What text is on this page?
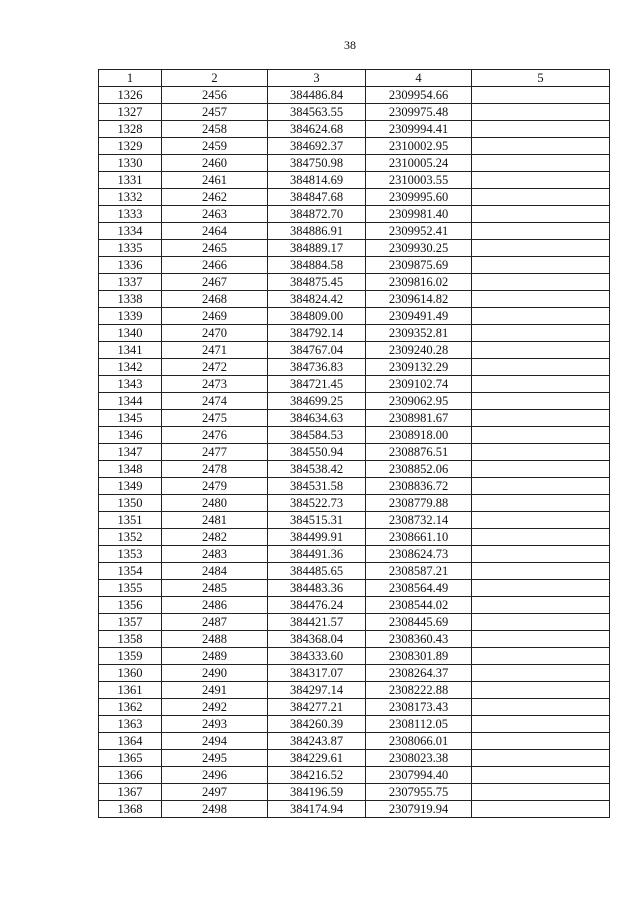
38
1	2	3	4	5
1326	2456	384486.84	2309954.66	
1327	2457	384563.55	2309975.48	
1328	2458	384624.68	2309994.41	
1329	2459	384692.37	2310002.95	
1330	2460	384750.98	2310005.24	
1331	2461	384814.69	2310003.55	
1332	2462	384847.68	2309995.60	
1333	2463	384872.70	2309981.40	
1334	2464	384886.91	2309952.41	
1335	2465	384889.17	2309930.25	
1336	2466	384884.58	2309875.69	
1337	2467	384875.45	2309816.02	
1338	2468	384824.42	2309614.82	
1339	2469	384809.00	2309491.49	
1340	2470	384792.14	2309352.81	
1341	2471	384767.04	2309240.28	
1342	2472	384736.83	2309132.29	
1343	2473	384721.45	2309102.74	
1344	2474	384699.25	2309062.95	
1345	2475	384634.63	2308981.67	
1346	2476	384584.53	2308918.00	
1347	2477	384550.94	2308876.51	
1348	2478	384538.42	2308852.06	
1349	2479	384531.58	2308836.72	
1350	2480	384522.73	2308779.88	
1351	2481	384515.31	2308732.14	
1352	2482	384499.91	2308661.10	
1353	2483	384491.36	2308624.73	
1354	2484	384485.65	2308587.21	
1355	2485	384483.36	2308564.49	
1356	2486	384476.24	2308544.02	
1357	2487	384421.57	2308445.69	
1358	2488	384368.04	2308360.43	
1359	2489	384333.60	2308301.89	
1360	2490	384317.07	2308264.37	
1361	2491	384297.14	2308222.88	
1362	2492	384277.21	2308173.43	
1363	2493	384260.39	2308112.05	
1364	2494	384243.87	2308066.01	
1365	2495	384229.61	2308023.38	
1366	2496	384216.52	2307994.40	
1367	2497	384196.59	2307955.75	
1368	2498	384174.94	2307919.94	
